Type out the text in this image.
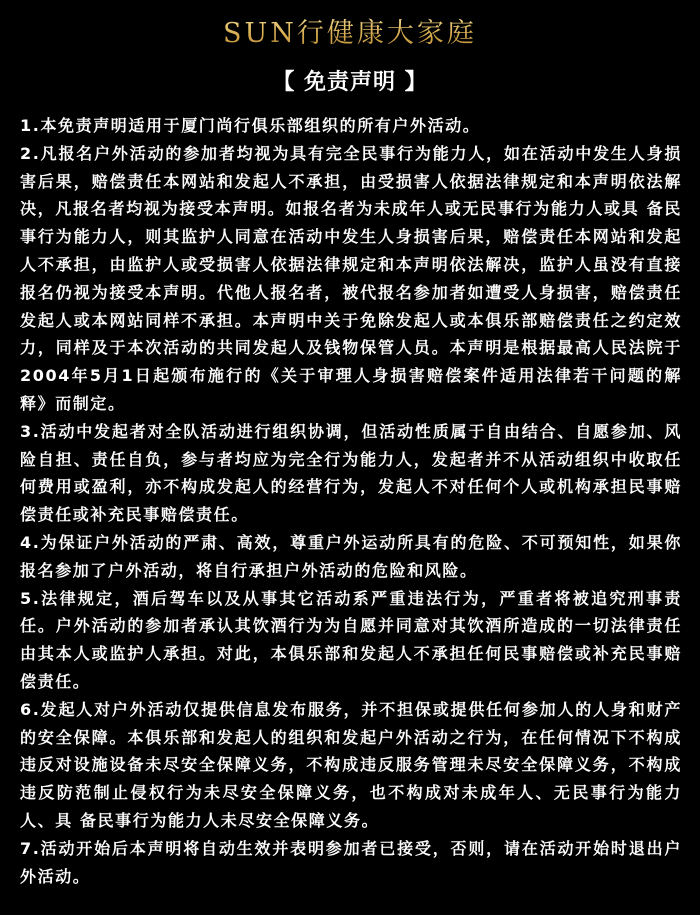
SUN行健康大家庭
【 免责声明 】

1.本免责声明适用于厦门尚行俱乐部组织的所有户外活动。

2.凡报名户外活动的参加者均视为具有完全民事行为能力人，如在活动中发生人身损害后果，赔偿责任本网站和发起人不承担，由受损害人依据法律规定和本声明依法解决，凡报名者均视为接受本声明。如报名者为未成年人或无民事行为能力人或具 备民事行为能力人，则其监护人同意在活动中发生人身损害后果，赔偿责任本网站和发起人不承担，由监护人或受损害人依据法律规定和本声明依法解决，监护人虽没有直接报名仍视为接受本声明。代他人报名者，被代报名参加者如遭受人身损害，赔偿责任发起人或本网站同样不承担。本声明中关于免除发起人或本俱乐部赔偿责任之约定效力，同样及于本次活动的共同发起人及钱物保管人员。本声明是根据最高人民法院于2004年5月1日起颁布施行的《关于审理人身损害赔偿案件适用法律若干问题的解释》而制定。

3.活动中发起者对全队活动进行组织协调，但活动性质属于自由结合、自愿参加、风险自担、责任自负，参与者均应为完全行为能力人，发起者并不从活动组织中收取任何费用或盈利，亦不构成发起人的经营行为，发起人不对任何个人或机构承担民事赔偿责任或补充民事赔偿责任。

4.为保证户外活动的严肃、高效，尊重户外运动所具有的危险、不可预知性，如果你报名参加了户外活动，将自行承担户外活动的危险和风险。

5.法律规定，酒后驾车以及从事其它活动系严重违法行为，严重者将被追究刑事责任。户外活动的参加者承认其饮酒行为为自愿并同意对其饮酒所造成的一切法律责任由其本人或监护人承担。对此，本俱乐部和发起人不承担任何民事赔偿或补充民事赔偿责任。

6.发起人对户外活动仅提供信息发布服务，并不担保或提供任何参加人的人身和财产的安全保障。本俱乐部和发起人的组织和发起户外活动之行为，在任何情况下不构成违反对设施设备未尽安全保障义务，不构成违反服务管理未尽安全保障义务，不构成违反防范制止侵权行为未尽安全保障义务，也不构成对未成年人、无民事行为能力人、具 备民事行为能力人未尽安全保障义务。

7.活动开始后本声明将自动生效并表明参加者已接受，否则，请在活动开始时退出户外活动。
